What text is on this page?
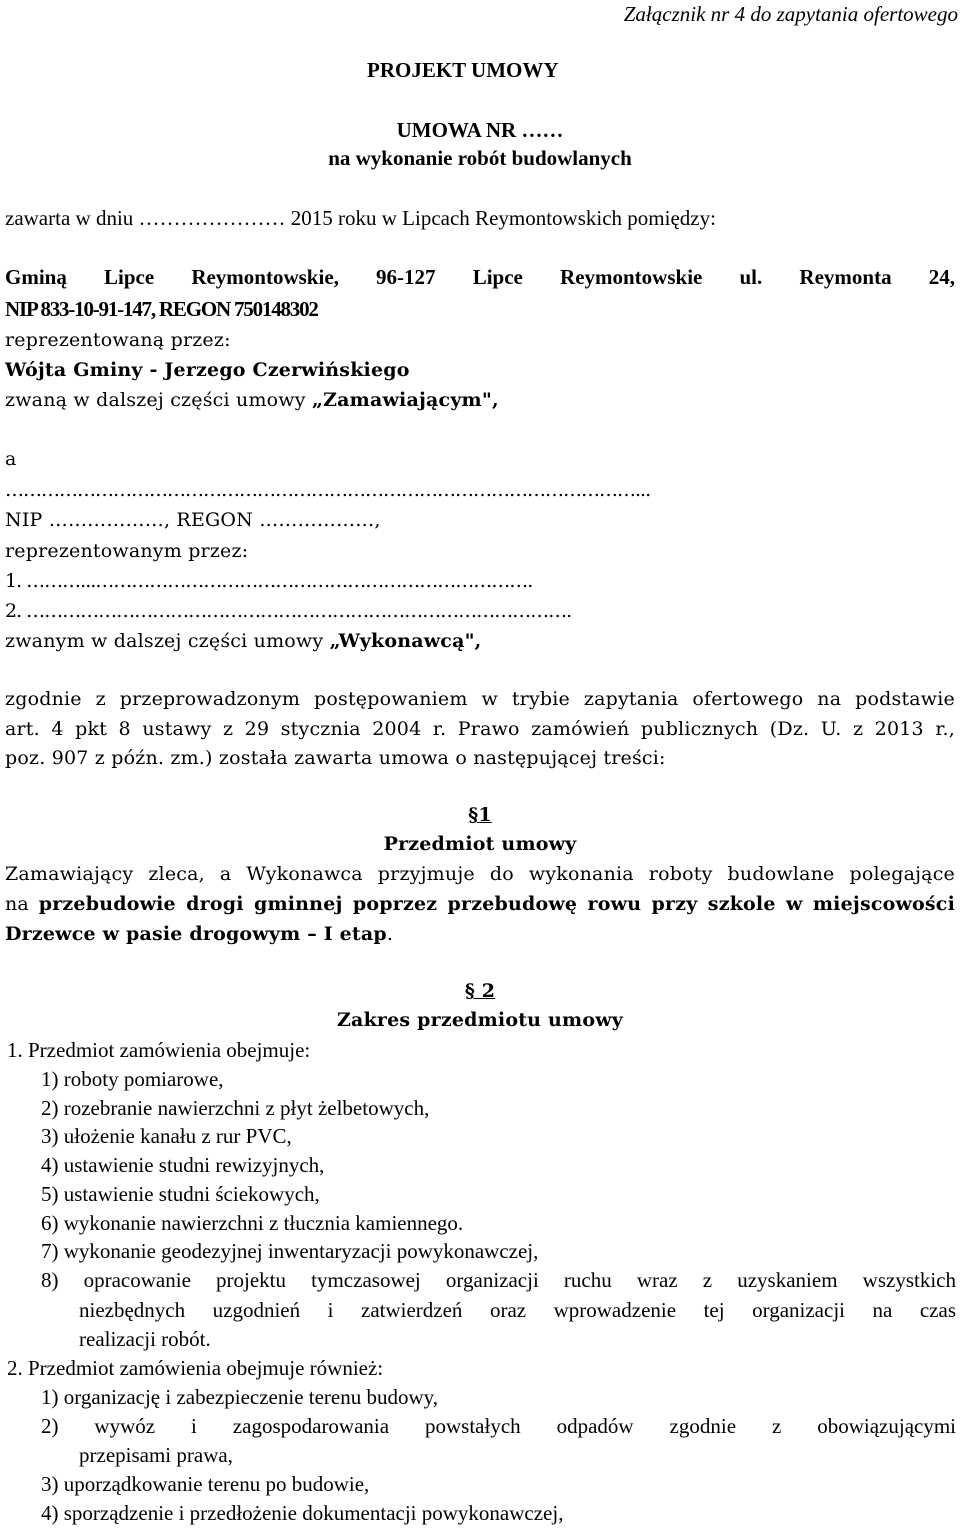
Załącznik nr 4 do zapytania ofertowego
PROJEKT UMOWY
UMOWA NR ……
na wykonanie robót budowlanych
zawarta w dniu ………………… 2015 roku w Lipcach Reymontowskich pomiędzy:
Gminą Lipce Reymontowskie, 96-127 Lipce Reymontowskie ul. Reymonta 24,
NIP 833-10-91-147, REGON 750148302
reprezentowaną przez:
Wójta Gminy - Jerzego Czerwińskiego
zwaną w dalszej części umowy „Zamawiającym",
a
……………………………………………………………………………………………...
NIP ………………, REGON ………………,
reprezentowanym przez:
1. ………...……………………………………………………………….
2. ……………………………………………………………………………….
zwanym w dalszej części umowy „Wykonawcą",
zgodnie z przeprowadzonym postępowaniem w trybie zapytania ofertowego na podstawie
art. 4 pkt 8 ustawy z 29 stycznia 2004 r. Prawo zamówień publicznych (Dz. U. z 2013 r.,
poz. 907 z późn. zm.) została zawarta umowa o następującej treści:
§1
Przedmiot umowy
Zamawiający zleca, a Wykonawca przyjmuje do wykonania roboty budowlane polegające
na przebudowie drogi gminnej poprzez przebudowę rowu przy szkole w miejscowości
Drzewce w pasie drogowym – I etap.
§ 2
Zakres przedmiotu umowy
1. Przedmiot zamówienia obejmuje:
1) roboty pomiarowe,
2) rozebranie nawierzchni z płyt żelbetowych,
3) ułożenie kanału z rur PVC,
4) ustawienie studni rewizyjnych,
5) ustawienie studni ściekowych,
6) wykonanie nawierzchni z tłucznia kamiennego.
7) wykonanie geodezyjnej inwentaryzacji powykonawczej,
8) opracowanie projektu tymczasowej organizacji ruchu wraz z uzyskaniem wszystkich
niezbędnych uzgodnień i zatwierdzeń oraz wprowadzenie tej organizacji na czas
realizacji robót.
2. Przedmiot zamówienia obejmuje również:
1) organizację i zabezpieczenie terenu budowy,
2) wywóz i zagospodarowania powstałych odpadów zgodnie z obowiązującymi
przepisami prawa,
3) uporządkowanie terenu po budowie,
4) sporządzenie i przedłożenie dokumentacji powykonawczej,
